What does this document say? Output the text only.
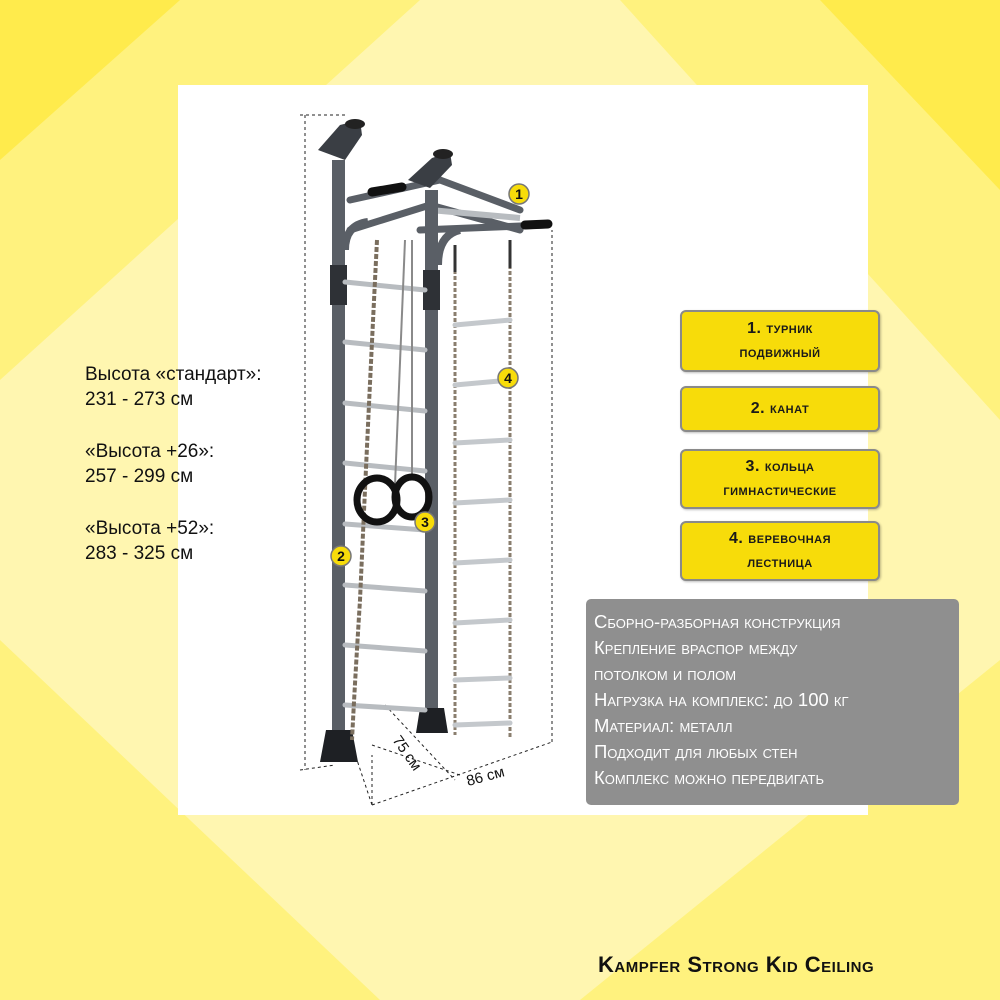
75 см
86 см
1
2
3
4

Высота «стандарт»:
231 - 273 см

«Высота +26»:
257 - 299 см

«Высота +52»:
283 - 325 см

1. турник
подвижный
2. канат
3. кольца
гимнастические
4. веревочная
лестница
Сборно-разборная конструкция
Крепление враспор между
потолком и полом
Нагрузка на комплекс: до 100 кг
Материал: металл
Подходит для любых стен
Комплекс можно передвигать
Kampfer Strong Kid Ceiling
